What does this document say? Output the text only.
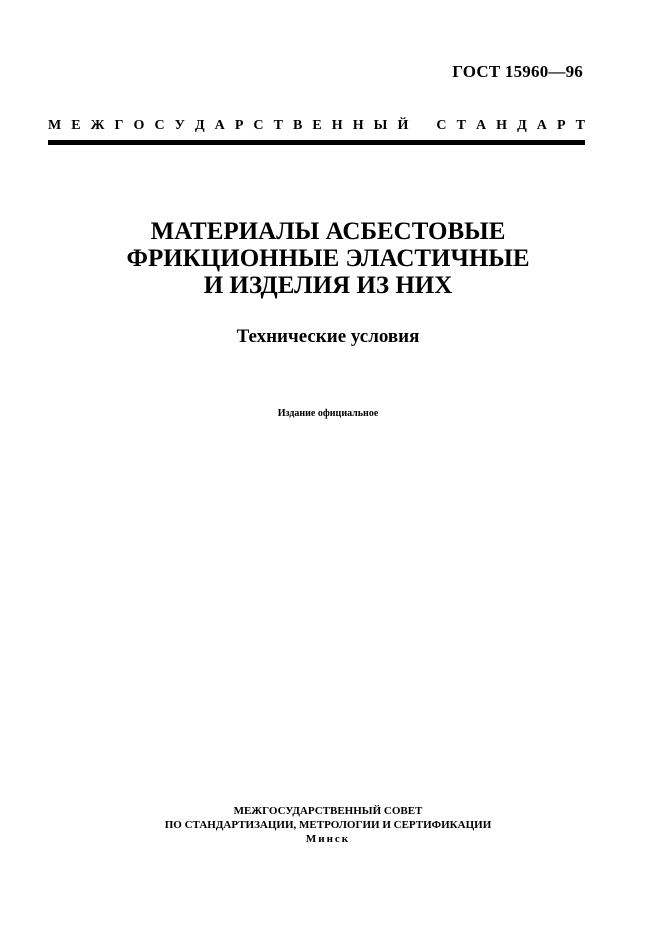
ГОСТ 15960—96
М Е Ж Г О С У Д А Р С Т В Е Н Н Ы Й С Т А Н Д А Р Т
МАТЕРИАЛЫ АСБЕСТОВЫЕ
ФРИКЦИОННЫЕ ЭЛАСТИЧНЫЕ
И ИЗДЕЛИЯ ИЗ НИХ
Технические условия
Издание официальное
МЕЖГОСУДАРСТВЕННЫЙ СОВЕТ
ПО СТАНДАРТИЗАЦИИ, МЕТРОЛОГИИ И СЕРТИФИКАЦИИ
Минск
